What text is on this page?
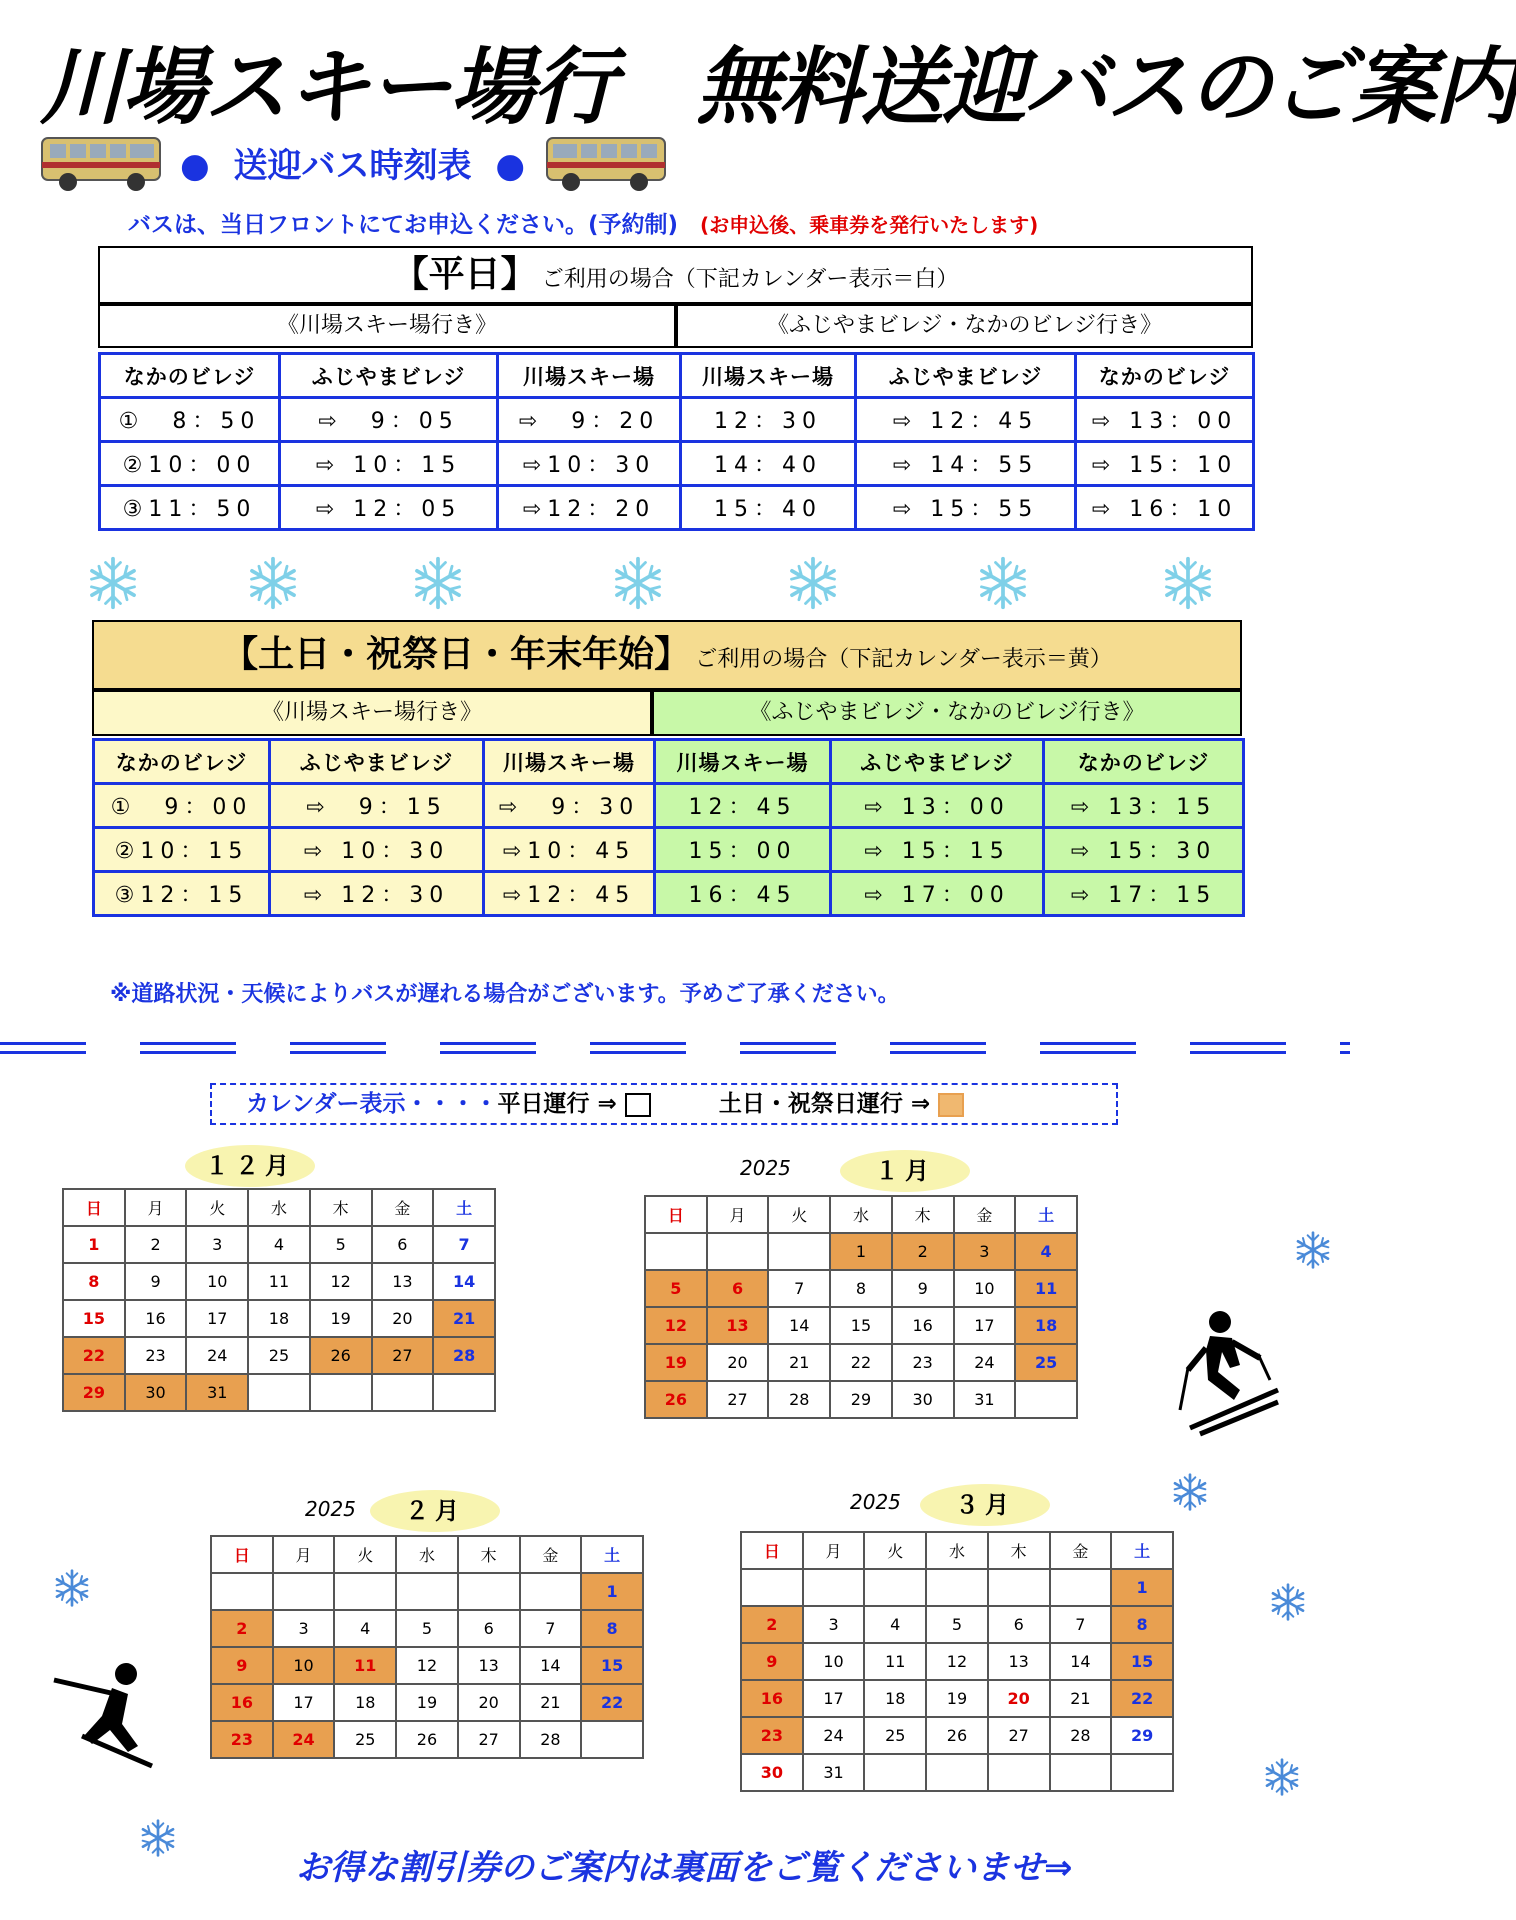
川場スキー場行　無料送迎バスのご案内
● 送迎バス時刻表 ●
バスは、当日フロントにてお申込ください。(予約制) (お申込後、乗車券を発行いたします)
【平日】 ご利用の場合（下記カレンダー表示＝白）
《川場スキー場行き》	《ふじやまビレジ・なかのビレジ行き》
なかのビレジ	ふじやまビレジ	川場スキー場	川場スキー場	ふじやまビレジ	なかのビレジ
①　8：50	⇨　9：05	⇨　9：20	12：30	⇨ 12：45	⇨ 13：00
②10：00	⇨ 10：15	⇨10：30	14：40	⇨ 14：55	⇨ 15：10
③11：50	⇨ 12：05	⇨12：20	15：40	⇨ 15：55	⇨ 16：10
【土日・祝祭日・年末年始】 ご利用の場合（下記カレンダー表示＝黄）
《川場スキー場行き》	《ふじやまビレジ・なかのビレジ行き》
なかのビレジ	ふじやまビレジ	川場スキー場	川場スキー場	ふじやまビレジ	なかのビレジ
①　9：00	⇨　9：15	⇨　9：30	12：45	⇨ 13：00	⇨ 13：15
②10：15	⇨ 10：30	⇨10：45	15：00	⇨ 15：15	⇨ 15：30
③12：15	⇨ 12：30	⇨12：45	16：45	⇨ 17：00	⇨ 17：15
※道路状況・天候によりバスが遅れる場合がございます。予めご了承ください。
カレンダー表示・・・・平日運行 ⇒	土日・祝祭日運行 ⇒
１２月
日	月	火	水	木	金	土
1	2	3	4	5	6	7
8	9	10	11	12	13	14
15	16	17	18	19	20	21
22	23	24	25	26	27	28
29	30	31				
１月
2025
日	月	火	水	木	金	土
			1	2	3	4
5	6	7	8	9	10	11
12	13	14	15	16	17	18
19	20	21	22	23	24	25
26	27	28	29	30	31	
２月
2025
日	月	火	水	木	金	土
						1
2	3	4	5	6	7	8
9	10	11	12	13	14	15
16	17	18	19	20	21	22
23	24	25	26	27	28	
３月
2025
日	月	火	水	木	金	土
						1
2	3	4	5	6	7	8
9	10	11	12	13	14	15
16	17	18	19	20	21	22
23	24	25	26	27	28	29
30	31					
お得な割引券のご案内は裏面をご覧くださいませ⇒
